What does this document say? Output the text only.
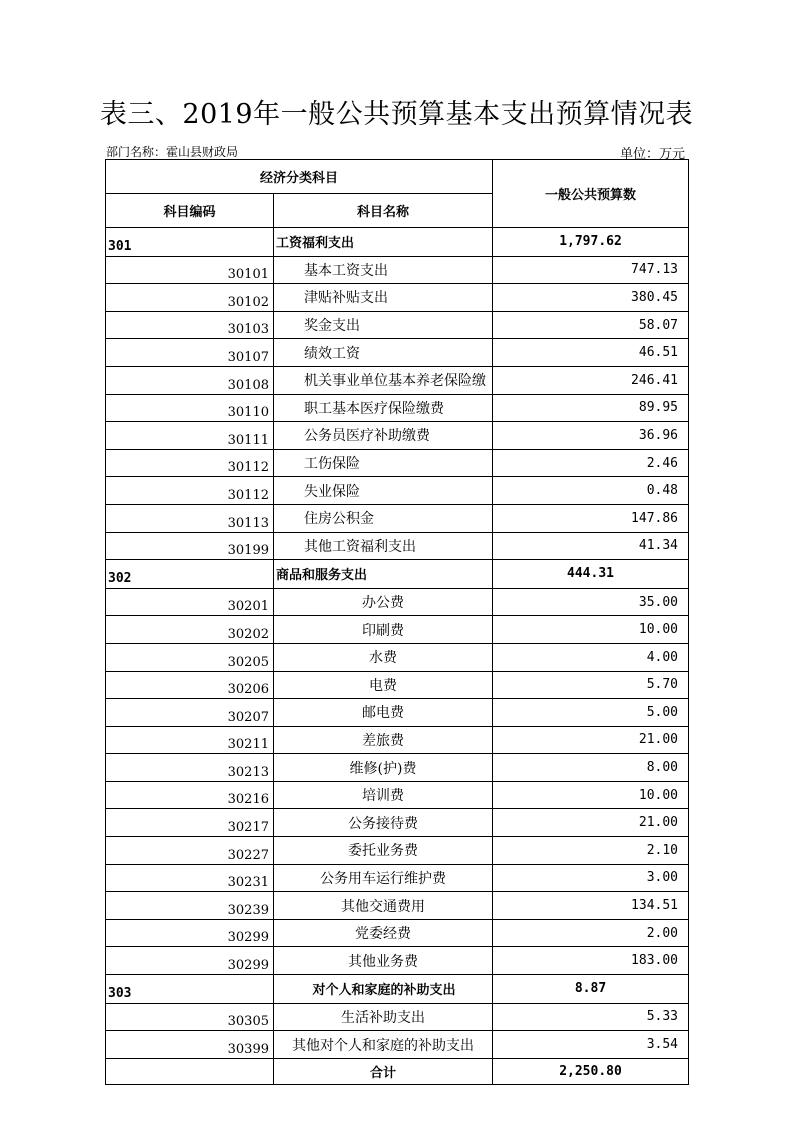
表三、2019年一般公共预算基本支出预算情况表
部门名称：霍山县财政局	单位：万元
经济分类科目		一般公共预算数
科目编码	科目名称	
301	工资福利支出	1,797.62
30101	基本工资支出	747.13
30102	津贴补贴支出	380.45
30103	奖金支出	58.07
30107	绩效工资	46.51
30108	机关事业单位基本养老保险缴	246.41
30110	职工基本医疗保险缴费	89.95
30111	公务员医疗补助缴费	36.96
30112	工伤保险	2.46
30112	失业保险	0.48
30113	住房公积金	147.86
30199	其他工资福利支出	41.34
302	商品和服务支出	444.31
30201	办公费	35.00
30202	印刷费	10.00
30205	水费	4.00
30206	电费	5.70
30207	邮电费	5.00
30211	差旅费	21.00
30213	维修(护)费	8.00
30216	培训费	10.00
30217	公务接待费	21.00
30227	委托业务费	2.10
30231	公务用车运行维护费	3.00
30239	其他交通费用	134.51
30299	党委经费	2.00
30299	其他业务费	183.00
303	对个人和家庭的补助支出	8.87
30305	生活补助支出	5.33
30399	其他对个人和家庭的补助支出	3.54
	合计	2,250.80
